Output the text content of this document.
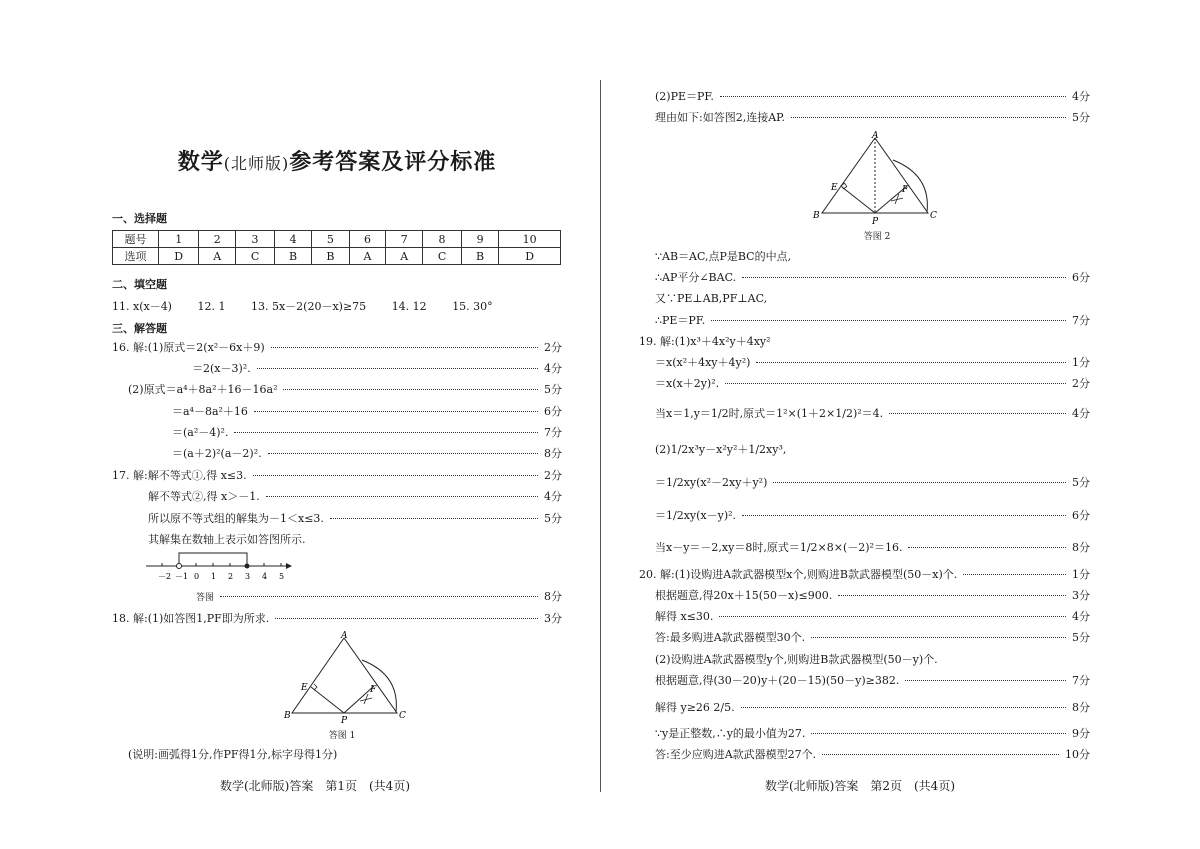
数学(北师版)参考答案及评分标准
一、选择题
题号	1	2	3	4	5	6	7	8	9	10
选项	D	A	C	B	B	A	A	C	B	D
二、填空题
11. x(x－4) 12. 1 13. 5x－2(20－x)≥75 14. 12 15. 30°
三、解答题
16. 解:(1)原式＝2(x²－6x＋9)	2分
＝2(x－3)².	4分
(2)原式＝a⁴＋8a²＋16－16a²	5分
＝a⁴－8a²＋16	6分
＝(a²－4)².	7分
＝(a＋2)²(a－2)².	8分
17. 解:解不等式①,得 x≤3.	2分
解不等式②,得 x＞－1.	4分
所以原不等式组的解集为－1＜x≤3.	5分
其解集在数轴上表示如答图所示.
－2 －1 0 1 2 3 4 5
答图	8分
18. 解:(1)如答图1,PF即为所求.	3分
A
B	C
P
E	F
答图 1
(说明:画弧得1分,作PF得1分,标字母得1分)
数学(北师版)答案　第1页　(共4页)
(2)PE＝PF.	4分
理由如下:如答图2,连接AP.	5分
A
B	C
P
E	F
答图 2
∵AB＝AC,点P是BC的中点,
∴AP平分∠BAC.	6分
又∵PE⊥AB,PF⊥AC,
∴PE＝PF.	7分
19. 解:(1)x³＋4x²y＋4xy²
＝x(x²＋4xy＋4y²)	1分
＝x(x＋2y)².	2分
当x＝1,y＝1/2时,原式＝1²×(1＋2×1/2)²＝4.	4分
(2)1/2x³y－x²y²＋1/2xy³,
＝1/2xy(x²－2xy＋y²)	5分
＝1/2xy(x－y)².	6分
当x－y＝－2,xy＝8时,原式＝1/2×8×(－2)²＝16.	8分
20. 解:(1)设购进A款武器模型x个,则购进B款武器模型(50－x)个.	1分
根据题意,得20x＋15(50－x)≤900.	3分
解得 x≤30.	4分
答:最多购进A款武器模型30个.	5分
(2)设购进A款武器模型y个,则购进B款武器模型(50－y)个.
根据题意,得(30－20)y＋(20－15)(50－y)≥382.	7分
解得 y≥26 2/5.	8分
∵y是正整数,∴y的最小值为27.	9分
答:至少应购进A款武器模型27个.	10分
数学(北师版)答案　第2页　(共4页)
